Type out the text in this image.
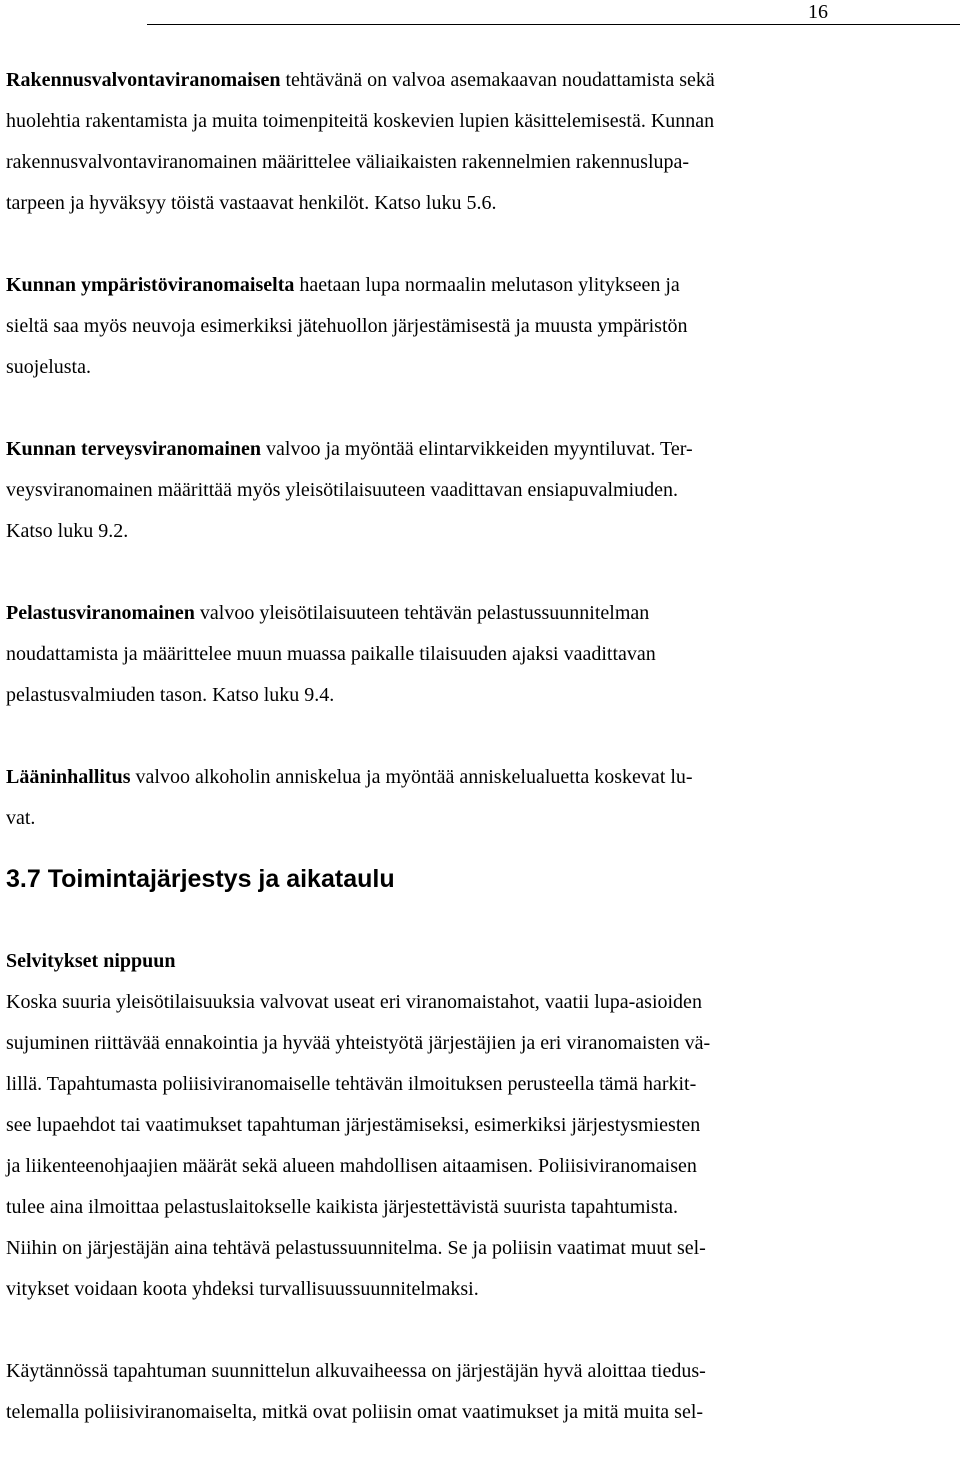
16

Rakennusvalvontaviranomaisen tehtävänä on valvoa asemakaavan noudattamista sekä
huolehtia rakentamista ja muita toimenpiteitä koskevien lupien käsittelemisestä. Kunnan
rakennusvalvontaviranomainen määrittelee väliaikaisten rakennelmien rakennuslupa-
tarpeen ja hyväksyy töistä vastaavat henkilöt. Katso luku 5.6.

Kunnan ympäristöviranomaiselta haetaan lupa normaalin melutason ylitykseen ja
sieltä saa myös neuvoja esimerkiksi jätehuollon järjestämisestä ja muusta ympäristön
suojelusta.

Kunnan terveysviranomainen valvoo ja myöntää elintarvikkeiden myyntiluvat. Ter-
veysviranomainen määrittää myös yleisötilaisuuteen vaadittavan ensiapuvalmiuden.
Katso luku 9.2.

Pelastusviranomainen valvoo yleisötilaisuuteen tehtävän pelastussuunnitelman
noudattamista ja määrittelee muun muassa paikalle tilaisuuden ajaksi vaadittavan
pelastusvalmiuden tason. Katso luku 9.4.

Lääninhallitus valvoo alkoholin anniskelua ja myöntää anniskelualuetta koskevat lu-
vat.

3.7 Toimintajärjestys ja aikataulu
Selvitykset nippuun

Koska suuria yleisötilaisuuksia valvovat useat eri viranomaistahot, vaatii lupa-asioiden
sujuminen riittävää ennakointia ja hyvää yhteistyötä järjestäjien ja eri viranomaisten vä-
lillä. Tapahtumasta poliisiviranomaiselle tehtävän ilmoituksen perusteella tämä harkit-
see lupaehdot tai vaatimukset tapahtuman järjestämiseksi, esimerkiksi järjestysmiesten
ja liikenteenohjaajien määrät sekä alueen mahdollisen aitaamisen. Poliisiviranomaisen
tulee aina ilmoittaa pelastuslaitokselle kaikista järjestettävistä suurista tapahtumista.
Niihin on järjestäjän aina tehtävä pelastussuunnitelma. Se ja poliisin vaatimat muut sel-
vitykset voidaan koota yhdeksi turvallisuussuunnitelmaksi.

Käytännössä tapahtuman suunnittelun alkuvaiheessa on järjestäjän hyvä aloittaa tiedus-
telemalla poliisiviranomaiselta, mitkä ovat poliisin omat vaatimukset ja mitä muita sel-
